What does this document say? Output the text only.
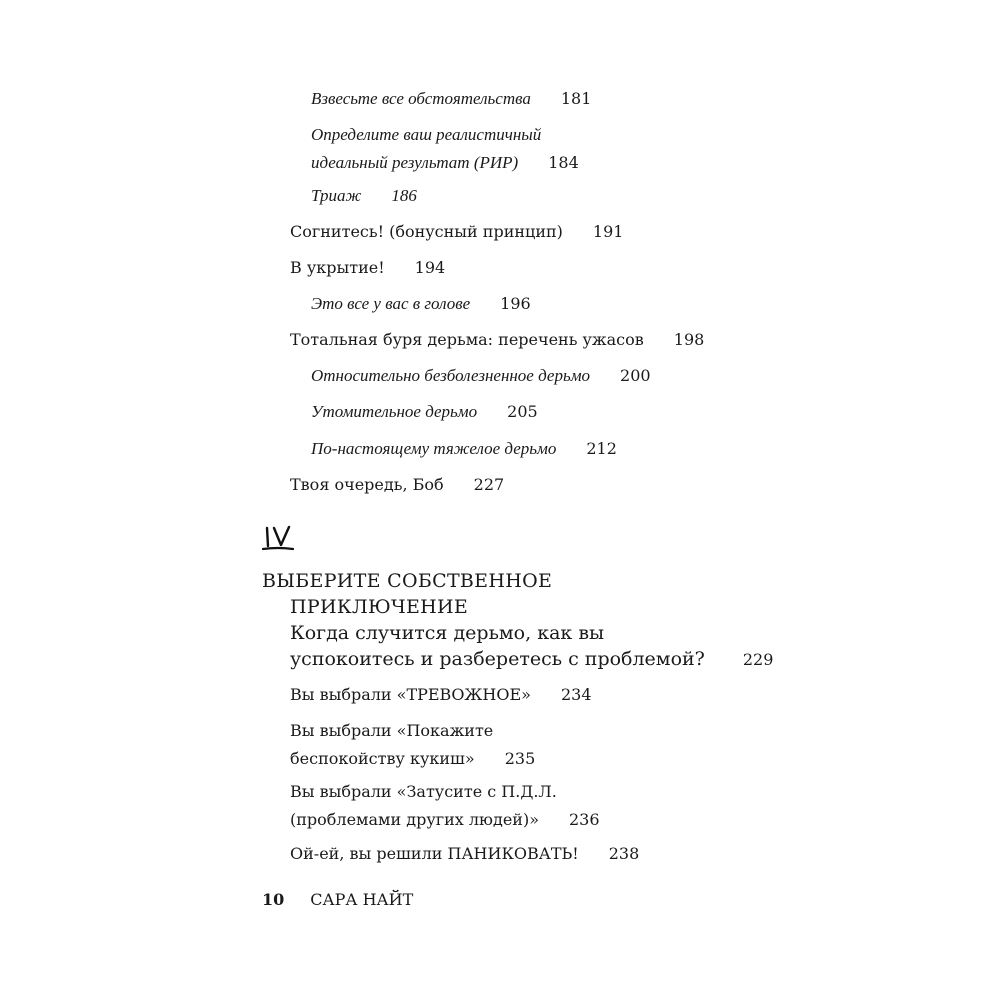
Взвесьте все обстоятельства 181
Определите ваш реалистичный
идеальный результат (РИР) 184
Триаж 186
Согнитесь! (бонусный принцип) 191
В укрытие! 194
Это все у вас в голове 196
Тотальная буря дерьма: перечень ужасов 198
Относительно безболезненное дерьмо 200
Утомительное дерьмо 205
По-настоящему тяжелое дерьмо 212
Твоя очередь, Боб 227
ВЫБЕРИТЕ СОБСТВЕННОЕ
ПРИКЛЮЧЕНИЕ
Когда случится дерьмо, как вы
успокоитесь и разберетесь с проблемой? 229
Вы выбрали «ТРЕВОЖНОЕ» 234
Вы выбрали «Покажите
беспокойству кукиш» 235
Вы выбрали «Затусите с П.Д.Л.
(проблемами других людей)» 236
Ой-ей, вы решили ПАНИКОВАТЬ! 238
10 САРА НАЙТ
